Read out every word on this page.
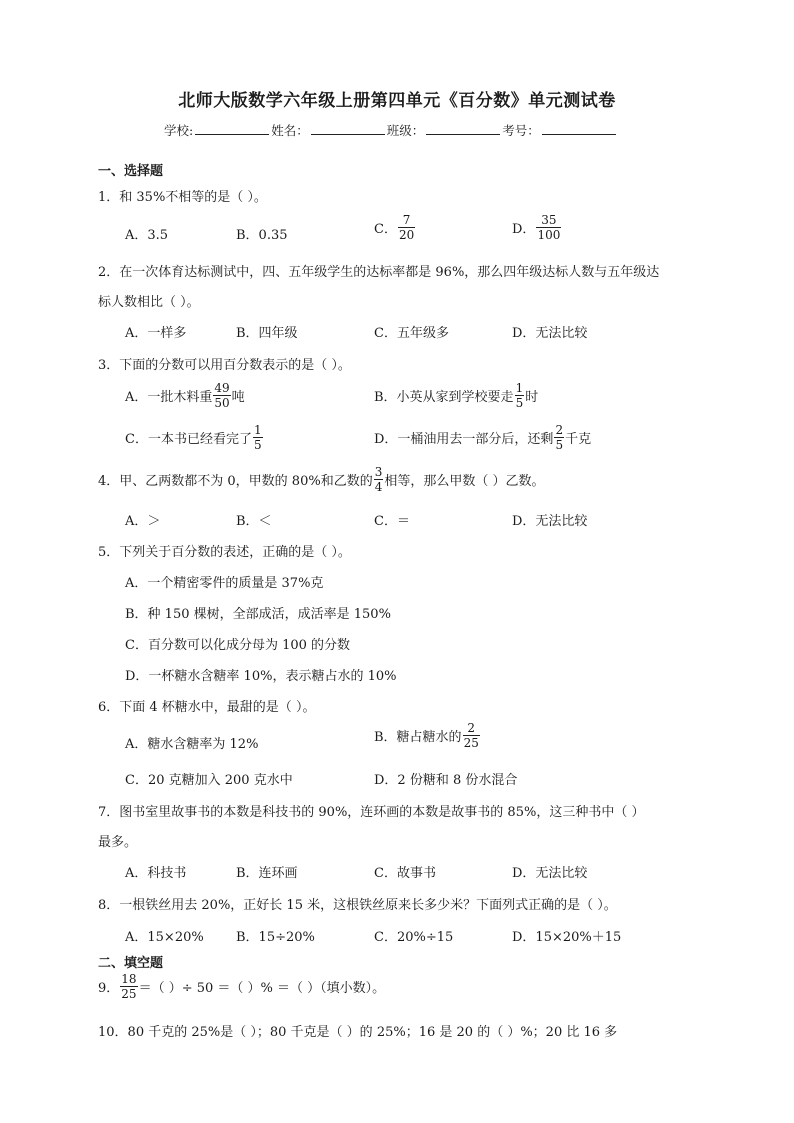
北师大版数学六年级上册第四单元《百分数》单元测试卷
学校:	姓名：	班级：	考号：
一、选择题
1．和 35%不相等的是（ ）。
A．3.5	B．0.35	C． $\frac{7}{20}$	D． $\frac{35}{100}$
2．在一次体育达标测试中，四、五年级学生的达标率都是 96%，那么四年级达标人数与五年级达
标人数相比（ ）。
A．一样多	B．四年级	C．五年级多	D．无法比较
3．下面的分数可以用百分数表示的是（ ）。
A．一批木料重 $\frac{49}{50}$ 吨	B．小英从家到学校要走 $\frac{1}{5}$ 时
C．一本书已经看完了 $\frac{1}{5}$	D．一桶油用去一部分后，还剩 $\frac{2}{5}$ 千克
4．甲、乙两数都不为 0，甲数的 80%和乙数的 $\frac{3}{4}$ 相等，那么甲数（ ）乙数。
A．＞	B．＜	C．＝	D．无法比较
5．下列关于百分数的表述，正确的是（ ）。
A．一个精密零件的质量是 37%克
B．种 150 棵树，全部成活，成活率是 150%
C．百分数可以化成分母为 100 的分数
D．一杯糖水含糖率 10%，表示糖占水的 10%
6．下面 4 杯糖水中，最甜的是（ ）。
A．糖水含糖率为 12%	B．糖占糖水的 $\frac{2}{25}$
C．20 克糖加入 200 克水中	D．2 份糖和 8 份水混合
7．图书室里故事书的本数是科技书的 90%，连环画的本数是故事书的 85%，这三种书中（ ）
最多。
A．科技书	B．连环画	C．故事书	D．无法比较
8．一根铁丝用去 20%，正好长 15 米，这根铁丝原来长多少米？下面列式正确的是（ ）。
A．15×20% B．15÷20%	C．20%÷15	D．15×20%＋15
二、填空题
9． $\frac{18}{25}$ ＝（ ）÷ 50 ＝（ ）% ＝（ ）（填小数）。
10．80 千克的 25%是（ ）；80 千克是（ ）的 25%；16 是 20 的（ ）%；20 比 16 多
